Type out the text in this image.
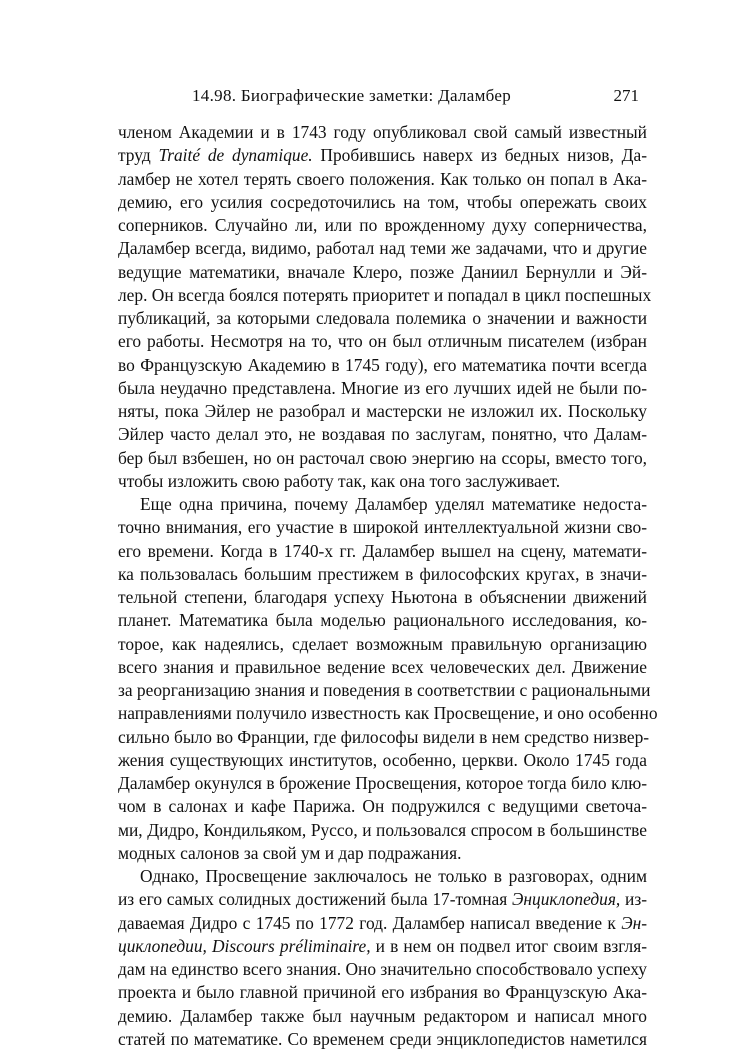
14.98. Биографические заметки: Даламбер	271
членом Академии и в 1743 году опубликовал свой самый известный
труд Traité de dynamique. Пробившись наверх из бедных низов, Да-
ламбер не хотел терять своего положения. Как только он попал в Ака-
демию, его усилия сосредоточились на том, чтобы опережать своих
соперников. Случайно ли, или по врожденному духу соперничества,
Даламбер всегда, видимо, работал над теми же задачами, что и другие
ведущие математики, вначале Клеро, позже Даниил Бернулли и Эй-
лер. Он всегда боялся потерять приоритет и попадал в цикл поспешных
публикаций, за которыми следовала полемика о значении и важности
его работы. Несмотря на то, что он был отличным писателем (избран
во Французскую Академию в 1745 году), его математика почти всегда
была неудачно представлена. Многие из его лучших идей не были по-
няты, пока Эйлер не разобрал и мастерски не изложил их. Поскольку
Эйлер часто делал это, не воздавая по заслугам, понятно, что Далам-
бер был взбешен, но он расточал свою энергию на ссоры, вместо того,
чтобы изложить свою работу так, как она того заслуживает.
Еще одна причина, почему Даламбер уделял математике недоста-
точно внимания, его участие в широкой интеллектуальной жизни сво-
его времени. Когда в 1740-х гг. Даламбер вышел на сцену, математи-
ка пользовалась большим престижем в философских кругах, в значи-
тельной степени, благодаря успеху Ньютона в объяснении движений
планет. Математика была моделью рационального исследования, ко-
торое, как надеялись, сделает возможным правильную организацию
всего знания и правильное ведение всех человеческих дел. Движение
за реорганизацию знания и поведения в соответствии с рациональными
направлениями получило известность как Просвещение, и оно особенно
сильно было во Франции, где философы видели в нем средство низвер-
жения существующих институтов, особенно, церкви. Около 1745 года
Даламбер окунулся в брожение Просвещения, которое тогда било клю-
чом в салонах и кафе Парижа. Он подружился с ведущими светоча-
ми, Дидро, Кондильяком, Руссо, и пользовался спросом в большинстве
модных салонов за свой ум и дар подражания.
Однако, Просвещение заключалось не только в разговорах, одним
из его самых солидных достижений была 17-томная Энциклопедия, из-
даваемая Дидро с 1745 по 1772 год. Даламбер написал введение к Эн-
циклопедии, Discours préliminaire, и в нем он подвел итог своим взгля-
дам на единство всего знания. Оно значительно способствовало успеху
проекта и было главной причиной его избрания во Французскую Ака-
демию. Даламбер также был научным редактором и написал много
статей по математике. Со временем среди энциклопедистов наметился
